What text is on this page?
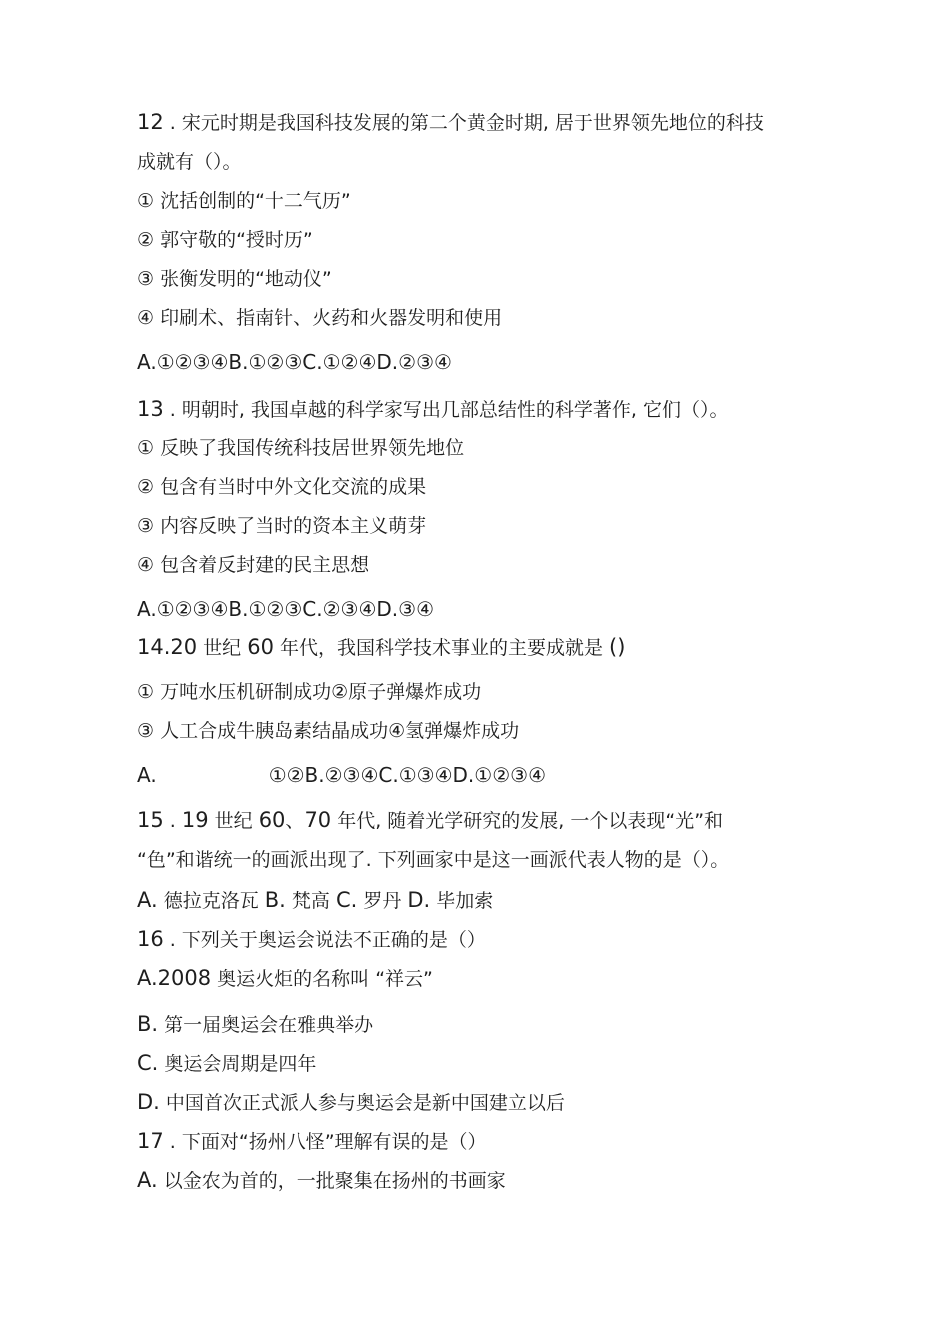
12 . 宋元时期是我国科技发展的第二个黄金时期, 居于世界领先地位的科技
成就有（）。
① 沈括创制的“十二气历”
② 郭守敬的“授时历”
③ 张衡发明的“地动仪”
④ 印刷术、指南针、火药和火器发明和使用
A.①②③④B.①②③C.①②④D.②③④
13 . 明朝时, 我国卓越的科学家写出几部总结性的科学著作, 它们（）。
① 反映了我国传统科技居世界领先地位
② 包含有当时中外文化交流的成果
③ 内容反映了当时的资本主义萌芽
④ 包含着反封建的民主思想
A.①②③④B.①②③C.②③④D.③④
14.20 世纪 60 年代，我国科学技术事业的主要成就是 ()
① 万吨水压机研制成功②原子弹爆炸成功
③ 人工合成牛胰岛素结晶成功④氢弹爆炸成功
A.	①②B.②③④C.①③④D.①②③④
15 . 19 世纪 60、70 年代, 随着光学研究的发展, 一个以表现“光”和
“色”和谐统一的画派出现了. 下列画家中是这一画派代表人物的是（）。
A. 德拉克洛瓦 B. 梵高 C. 罗丹 D. 毕加索
16 . 下列关于奥运会说法不正确的是（）
A.2008 奥运火炬的名称叫 “祥云”
B. 第一届奥运会在雅典举办
C. 奥运会周期是四年
D. 中国首次正式派人参与奥运会是新中国建立以后
17 . 下面对“扬州八怪”理解有误的是（）
A. 以金农为首的，一批聚集在扬州的书画家
